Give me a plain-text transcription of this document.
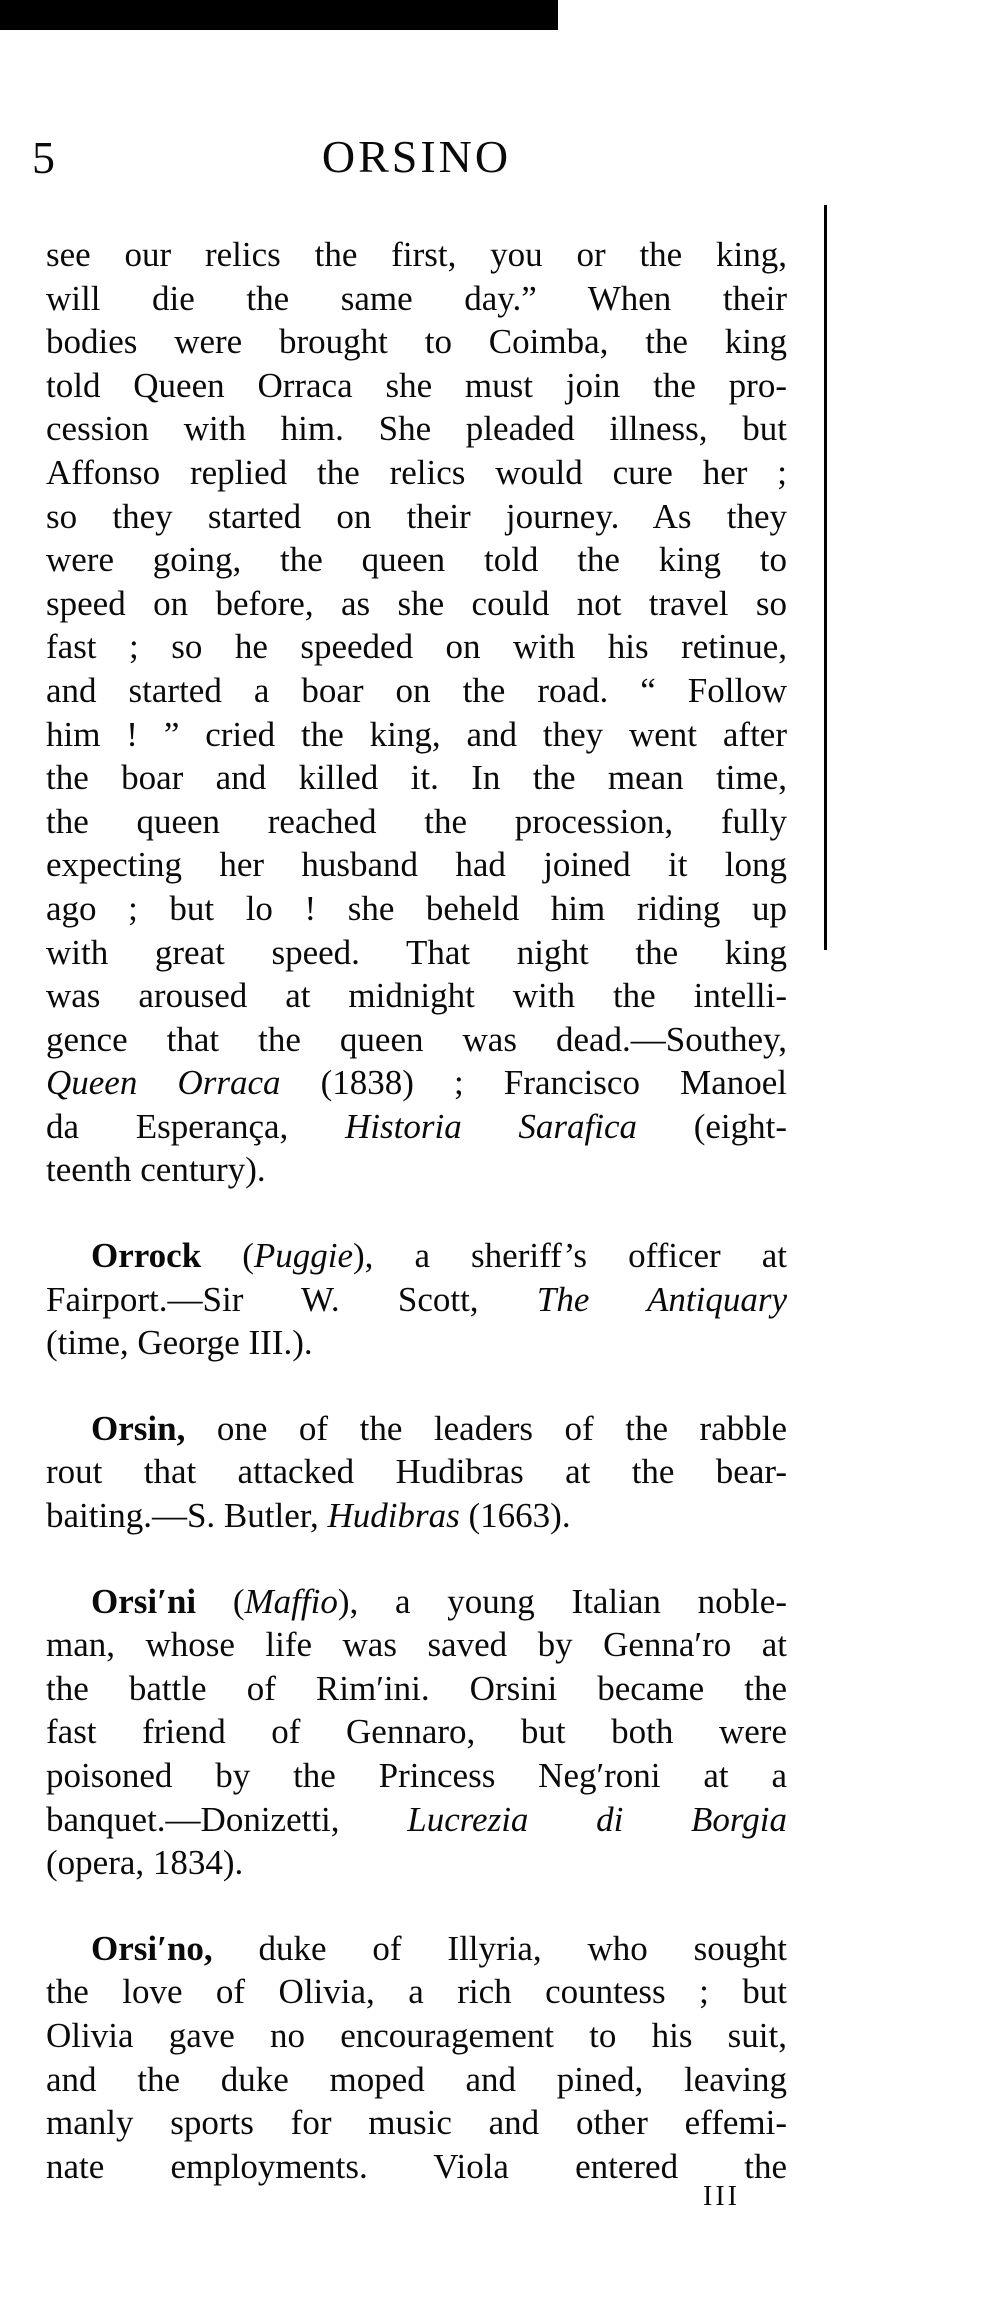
5	ORSINO
see our relics the first, you or the king,
will die the same day.” When their
bodies were brought to Coimba, the king
told Queen Orraca she must join the pro-
cession with him. She pleaded illness, but
Affonso replied the relics would cure her ;
so they started on their journey. As they
were going, the queen told the king to
speed on before, as she could not travel so
fast ; so he speeded on with his retinue,
and started a boar on the road. “ Follow
him ! ” cried the king, and they went after
the boar and killed it. In the mean time,
the queen reached the procession, fully
expecting her husband had joined it long
ago ; but lo ! she beheld him riding up
with great speed. That night the king
was aroused at midnight with the intelli-
gence that the queen was dead.—Southey,
Queen Orraca (1838) ; Francisco Manoel
da Esperança, Historia Sarafica (eight-
teenth century).
Orrock (Puggie), a sheriff’s officer at
Fairport.—Sir W. Scott, The Antiquary
(time, George III.).
Orsin, one of the leaders of the rabble
rout that attacked Hudibras at the bear-
baiting.—S. Butler, Hudibras (1663).
Orsi′ni (Maffio), a young Italian noble-
man, whose life was saved by Genna′ro at
the battle of Rim′ini. Orsini became the
fast friend of Gennaro, but both were
poisoned by the Princess Neg′roni at a
banquet.—Donizetti, Lucrezia di Borgia
(opera, 1834).
Orsi′no, duke of Illyria, who sought
the love of Olivia, a rich countess ; but
Olivia gave no encouragement to his suit,
and the duke moped and pined, leaving
manly sports for music and other effemi-
nate employments. Viola entered the
III
